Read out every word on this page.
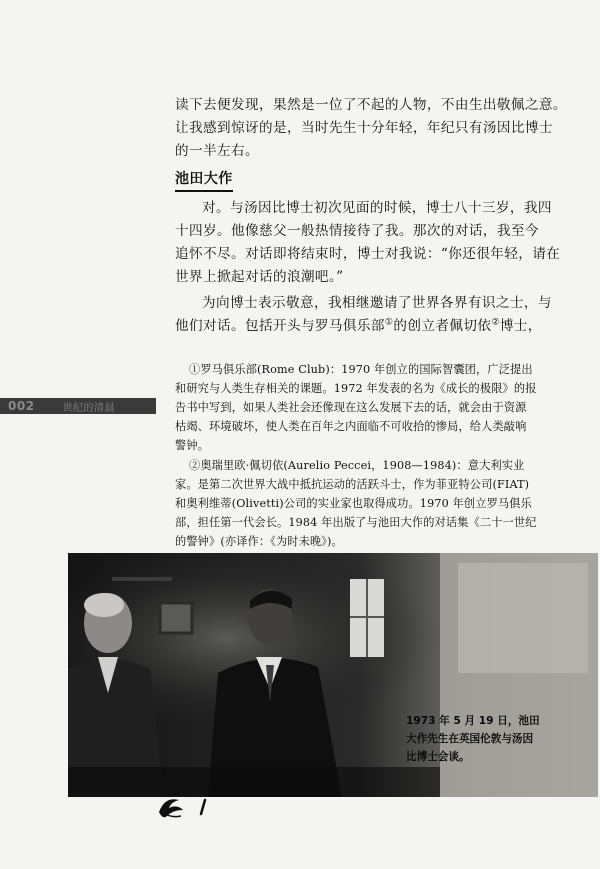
读下去便发现，果然是一位了不起的人物，不由生出敬佩之意。
让我感到惊讶的是，当时先生十分年轻，年纪只有汤因比博士
的一半左右。

池田大作

对。与汤因比博士初次见面的时候，博士八十三岁，我四
十四岁。他像慈父一般热情接待了我。那次的对话，我至今
追怀不尽。对话即将结束时，博士对我说：“你还很年轻，请在
世界上掀起对话的浪潮吧。”

为向博士表示敬意，我相继邀请了世界各界有识之士，与
他们对话。包括开头与罗马俱乐部①的创立者佩切依②博士，

002	世纪的清晨

①罗马俱乐部(Rome Club)：1970 年创立的国际智囊团，广泛提出
和研究与人类生存相关的课题。1972 年发表的名为《成长的极限》的报
告书中写到，如果人类社会还像现在这么发展下去的话，就会由于资源
枯竭、环境破坏，使人类在百年之内面临不可收拾的惨局，给人类敲响
警钟。

②奥瑞里欧·佩切依(Aurelio Peccei，1908—1984)：意大利实业
家。是第二次世界大战中抵抗运动的活跃斗士，作为菲亚特公司(FIAT)
和奥利维蒂(Olivetti)公司的实业家也取得成功。1970 年创立罗马俱乐
部，担任第一代会长。1984 年出版了与池田大作的对话集《二十一世纪
的警钟》(亦译作：《为时未晚》)。

1973 年 5 月 19 日，池田
大作先生在英国伦敦与汤因
比博士会谈。
